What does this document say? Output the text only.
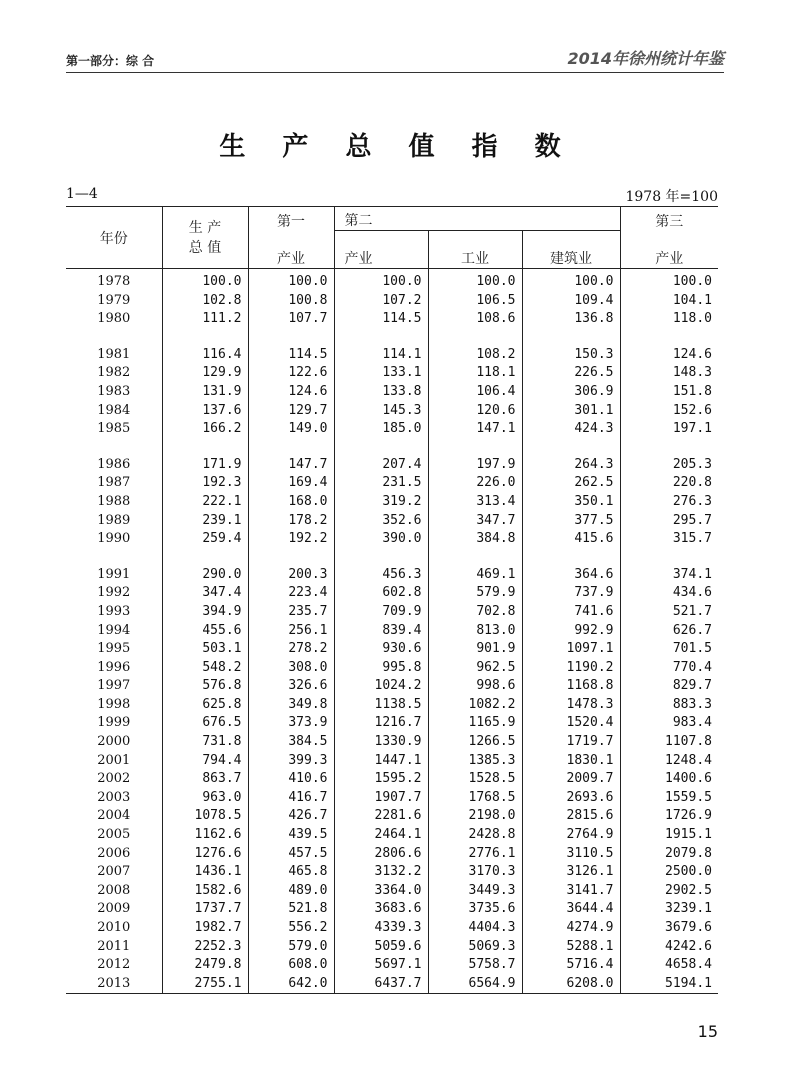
第一部分：综 合	2014年徐州统计年鉴
生 产 总 值 指 数
1—4	1978 年=100
年份	生 产
总 值	第一	第二			第三
		产业	产业	工业	建筑业	产业
1978	100.0	100.0	100.0	100.0	100.0	100.0
1979	102.8	100.8	107.2	106.5	109.4	104.1
1980	111.2	107.7	114.5	108.6	136.8	118.0

1981	116.4	114.5	114.1	108.2	150.3	124.6
1982	129.9	122.6	133.1	118.1	226.5	148.3
1983	131.9	124.6	133.8	106.4	306.9	151.8
1984	137.6	129.7	145.3	120.6	301.1	152.6
1985	166.2	149.0	185.0	147.1	424.3	197.1

1986	171.9	147.7	207.4	197.9	264.3	205.3
1987	192.3	169.4	231.5	226.0	262.5	220.8
1988	222.1	168.0	319.2	313.4	350.1	276.3
1989	239.1	178.2	352.6	347.7	377.5	295.7
1990	259.4	192.2	390.0	384.8	415.6	315.7

1991	290.0	200.3	456.3	469.1	364.6	374.1
1992	347.4	223.4	602.8	579.9	737.9	434.6
1993	394.9	235.7	709.9	702.8	741.6	521.7
1994	455.6	256.1	839.4	813.0	992.9	626.7
1995	503.1	278.2	930.6	901.9	1097.1	701.5
1996	548.2	308.0	995.8	962.5	1190.2	770.4
1997	576.8	326.6	1024.2	998.6	1168.8	829.7
1998	625.8	349.8	1138.5	1082.2	1478.3	883.3
1999	676.5	373.9	1216.7	1165.9	1520.4	983.4
2000	731.8	384.5	1330.9	1266.5	1719.7	1107.8
2001	794.4	399.3	1447.1	1385.3	1830.1	1248.4
2002	863.7	410.6	1595.2	1528.5	2009.7	1400.6
2003	963.0	416.7	1907.7	1768.5	2693.6	1559.5
2004	1078.5	426.7	2281.6	2198.0	2815.6	1726.9
2005	1162.6	439.5	2464.1	2428.8	2764.9	1915.1
2006	1276.6	457.5	2806.6	2776.1	3110.5	2079.8
2007	1436.1	465.8	3132.2	3170.3	3126.1	2500.0
2008	1582.6	489.0	3364.0	3449.3	3141.7	2902.5
2009	1737.7	521.8	3683.6	3735.6	3644.4	3239.1
2010	1982.7	556.2	4339.3	4404.3	4274.9	3679.6
2011	2252.3	579.0	5059.6	5069.3	5288.1	4242.6
2012	2479.8	608.0	5697.1	5758.7	5716.4	4658.4
2013	2755.1	642.0	6437.7	6564.9	6208.0	5194.1
15
